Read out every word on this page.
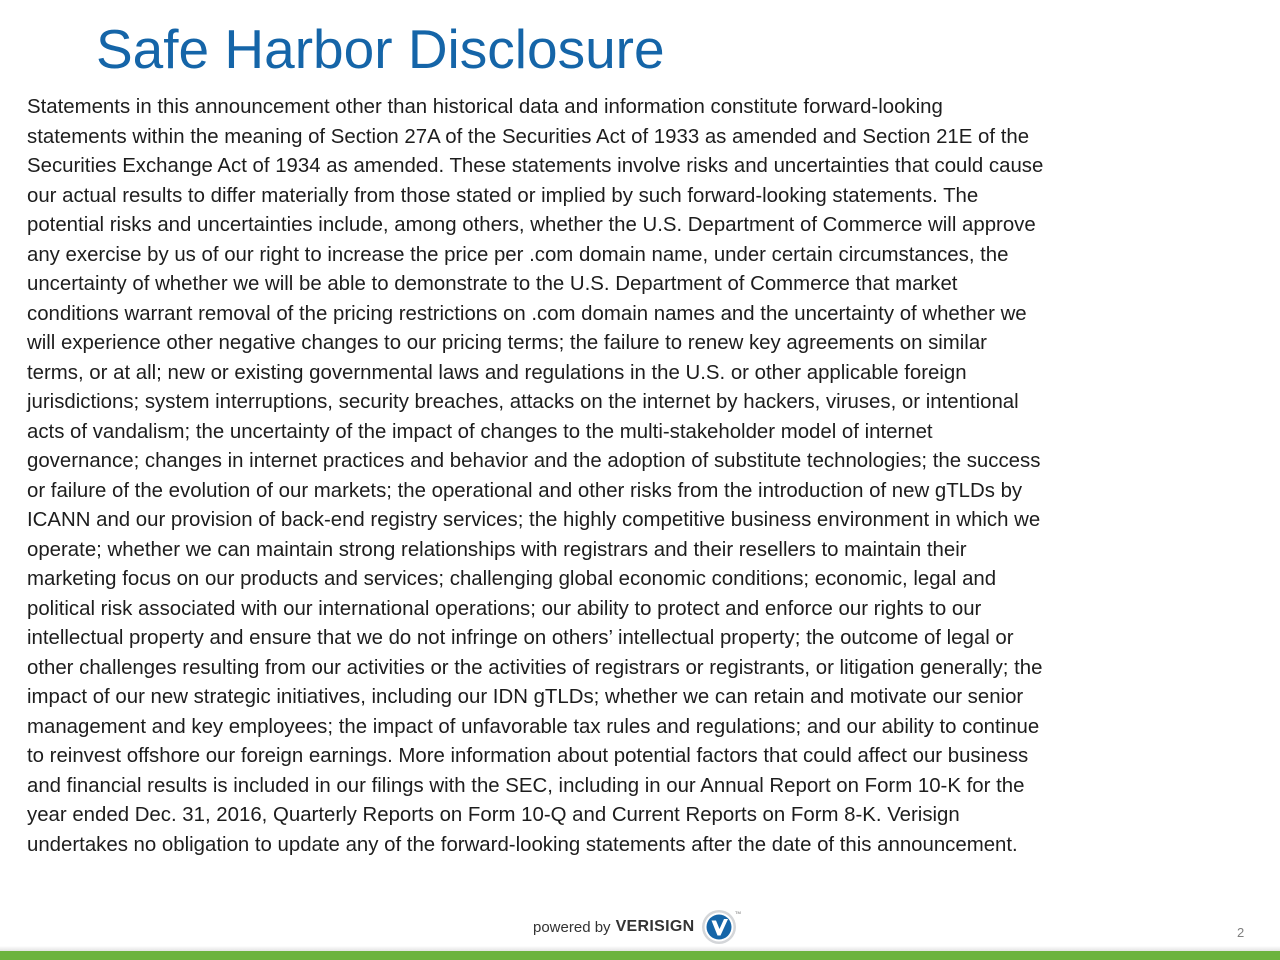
Safe Harbor Disclosure

Statements in this announcement other than historical data and information constitute forward-looking
statements within the meaning of Section 27A of the Securities Act of 1933 as amended and Section 21E of the
Securities Exchange Act of 1934 as amended. These statements involve risks and uncertainties that could cause
our actual results to differ materially from those stated or implied by such forward-looking statements. The
potential risks and uncertainties include, among others, whether the U.S. Department of Commerce will approve
any exercise by us of our right to increase the price per .com domain name, under certain circumstances, the
uncertainty of whether we will be able to demonstrate to the U.S. Department of Commerce that market
conditions warrant removal of the pricing restrictions on .com domain names and the uncertainty of whether we
will experience other negative changes to our pricing terms; the failure to renew key agreements on similar
terms, or at all; new or existing governmental laws and regulations in the U.S. or other applicable foreign
jurisdictions; system interruptions, security breaches, attacks on the internet by hackers, viruses, or intentional
acts of vandalism; the uncertainty of the impact of changes to the multi-stakeholder model of internet
governance; changes in internet practices and behavior and the adoption of substitute technologies; the success
or failure of the evolution of our markets; the operational and other risks from the introduction of new gTLDs by
ICANN and our provision of back-end registry services; the highly competitive business environment in which we
operate; whether we can maintain strong relationships with registrars and their resellers to maintain their
marketing focus on our products and services; challenging global economic conditions; economic, legal and
political risk associated with our international operations; our ability to protect and enforce our rights to our
intellectual property and ensure that we do not infringe on others’ intellectual property; the outcome of legal or
other challenges resulting from our activities or the activities of registrars or registrants, or litigation generally; the
impact of our new strategic initiatives, including our IDN gTLDs; whether we can retain and motivate our senior
management and key employees; the impact of unfavorable tax rules and regulations; and our ability to continue
to reinvest offshore our foreign earnings. More information about potential factors that could affect our business
and financial results is included in our filings with the SEC, including in our Annual Report on Form 10-K for the
year ended Dec. 31, 2016, Quarterly Reports on Form 10-Q and Current Reports on Form 8-K. Verisign
undertakes no obligation to update any of the forward-looking statements after the date of this announcement.

powered by VERISIGN
TM
2
